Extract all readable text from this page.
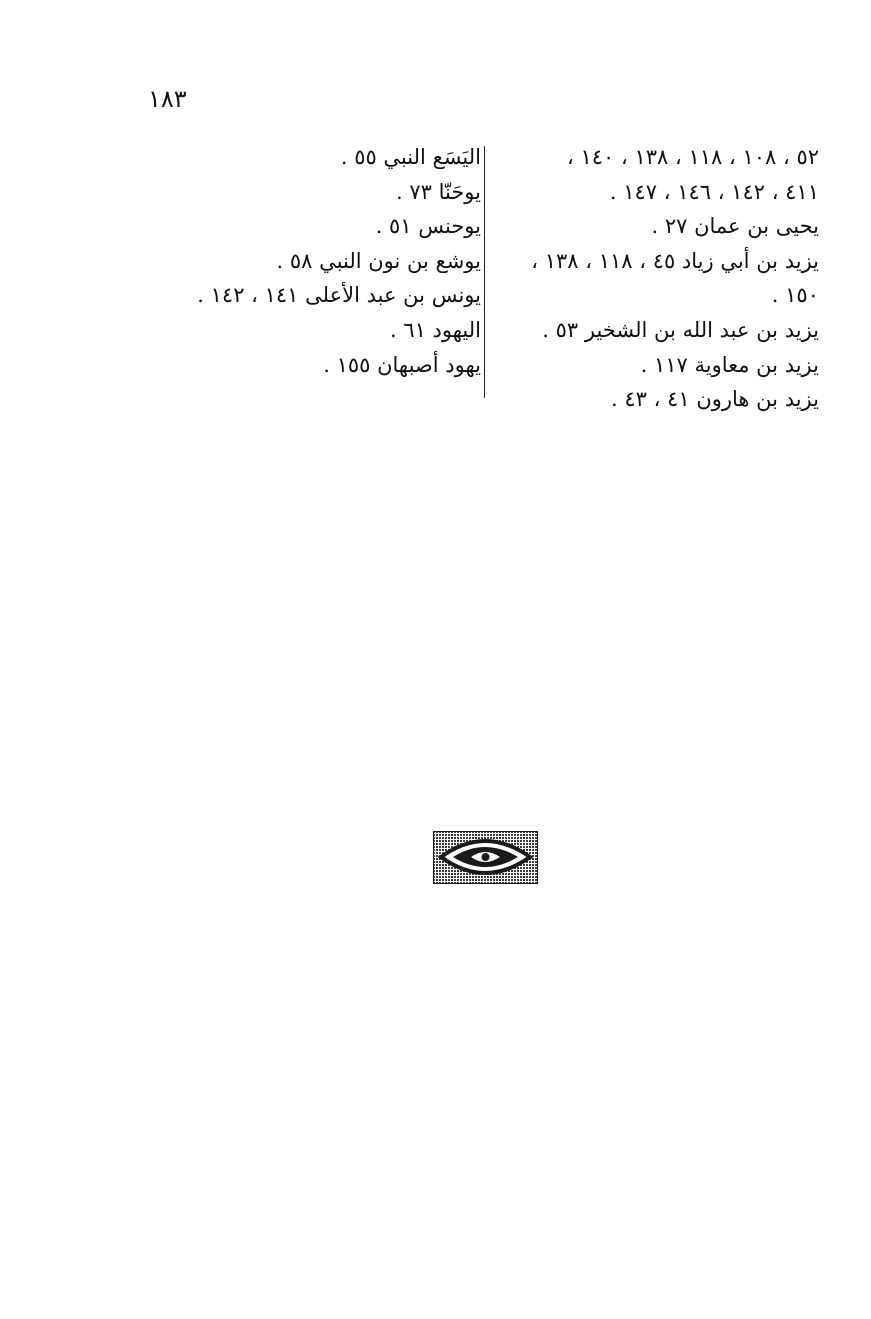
١٨٣
٥٢ ، ١٠٨ ، ١١٨ ، ١٣٨ ، ١٤٠ ،
٤١١ ، ١٤٢ ، ١٤٦ ، ١٤٧ .
يحيى بن عمان ٢٧ .
يزيد بن أبي زياد ٤٥ ، ١١٨ ، ١٣٨ ،
١٥٠ .
يزيد بن عبد الله بن الشخير ٥٣ .
يزيد بن معاوية ١١٧ .
يزيد بن هارون ٤١ ، ٤٣ .
اليَسَع النبي ٥٥ .
يوحَنّا ٧٣ .
يوحنس ٥١ .
يوشع بن نون النبي ٥٨ .
يونس بن عبد الأعلى ١٤١ ، ١٤٢ .
اليهود ٦١ .
يهود أصبهان ١٥٥ .
